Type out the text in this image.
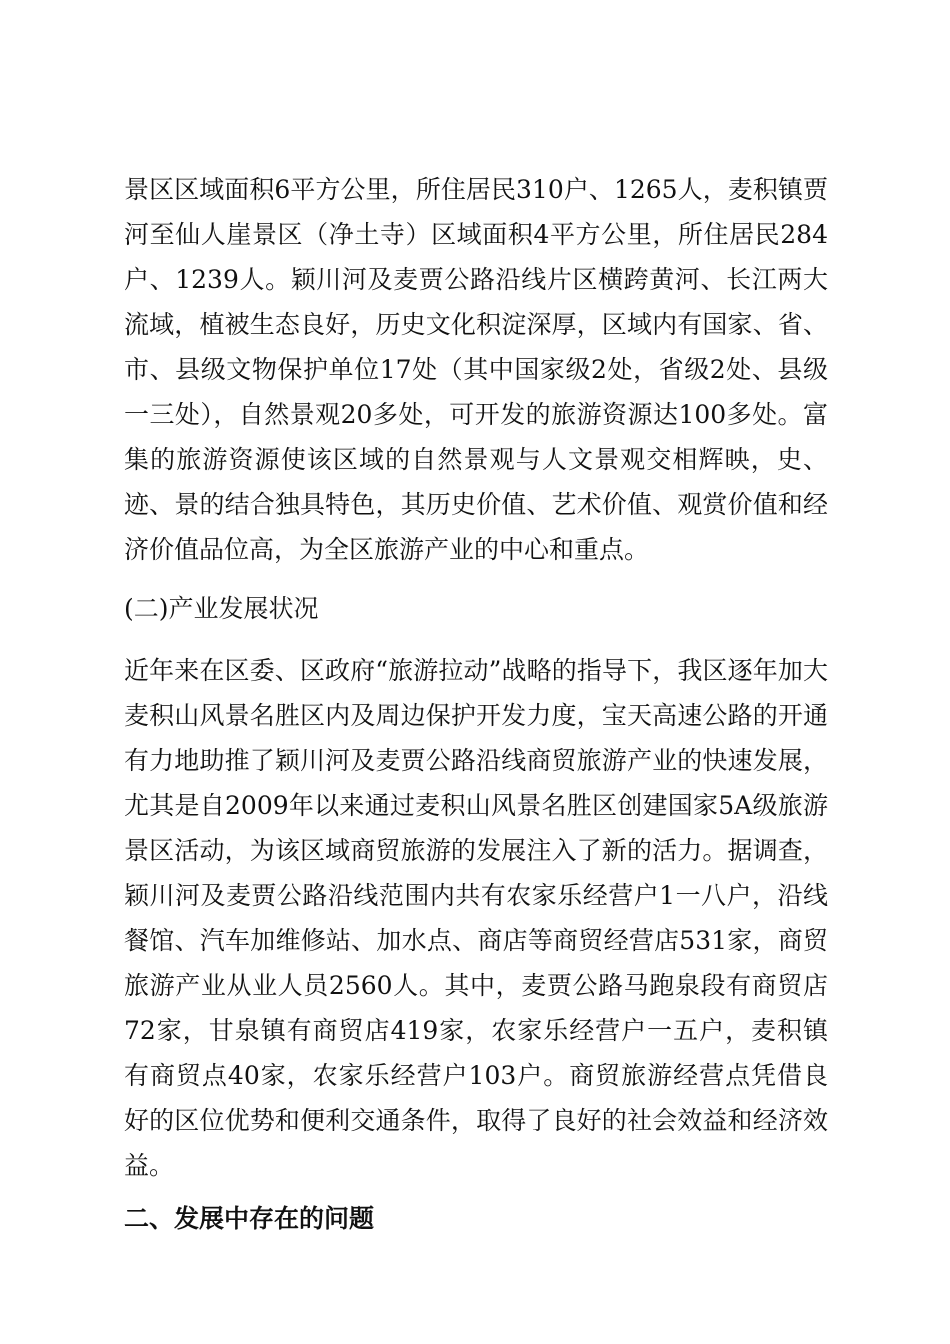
景区区域面积6平方公里，所住居民310户、1265人，麦积镇贾河至仙人崖景区（净土寺）区域面积4平方公里，所住居民284户、1239人。颖川河及麦贾公路沿线片区横跨黄河、长江两大流域，植被生态良好，历史文化积淀深厚，区域内有国家、省、市、县级文物保护单位17处（其中国家级2处，省级2处、县级一三处），自然景观20多处，可开发的旅游资源达100多处。富集的旅游资源使该区域的自然景观与人文景观交相辉映，史、迹、景的结合独具特色，其历史价值、艺术价值、观赏价值和经济价值品位高，为全区旅游产业的中心和重点。

(二)产业发展状况

近年来在区委、区政府“旅游拉动”战略的指导下，我区逐年加大麦积山风景名胜区内及周边保护开发力度，宝天高速公路的开通有力地助推了颖川河及麦贾公路沿线商贸旅游产业的快速发展，尤其是自2009年以来通过麦积山风景名胜区创建国家5A级旅游景区活动，为该区域商贸旅游的发展注入了新的活力。据调查，颖川河及麦贾公路沿线范围内共有农家乐经营户1一八户，沿线餐馆、汽车加维修站、加水点、商店等商贸经营店531家，商贸旅游产业从业人员2560人。其中，麦贾公路马跑泉段有商贸店72家，甘泉镇有商贸店419家，农家乐经营户一五户，麦积镇有商贸点40家，农家乐经营户103户。商贸旅游经营点凭借良好的区位优势和便利交通条件，取得了良好的社会效益和经济效益。

二、发展中存在的问题
